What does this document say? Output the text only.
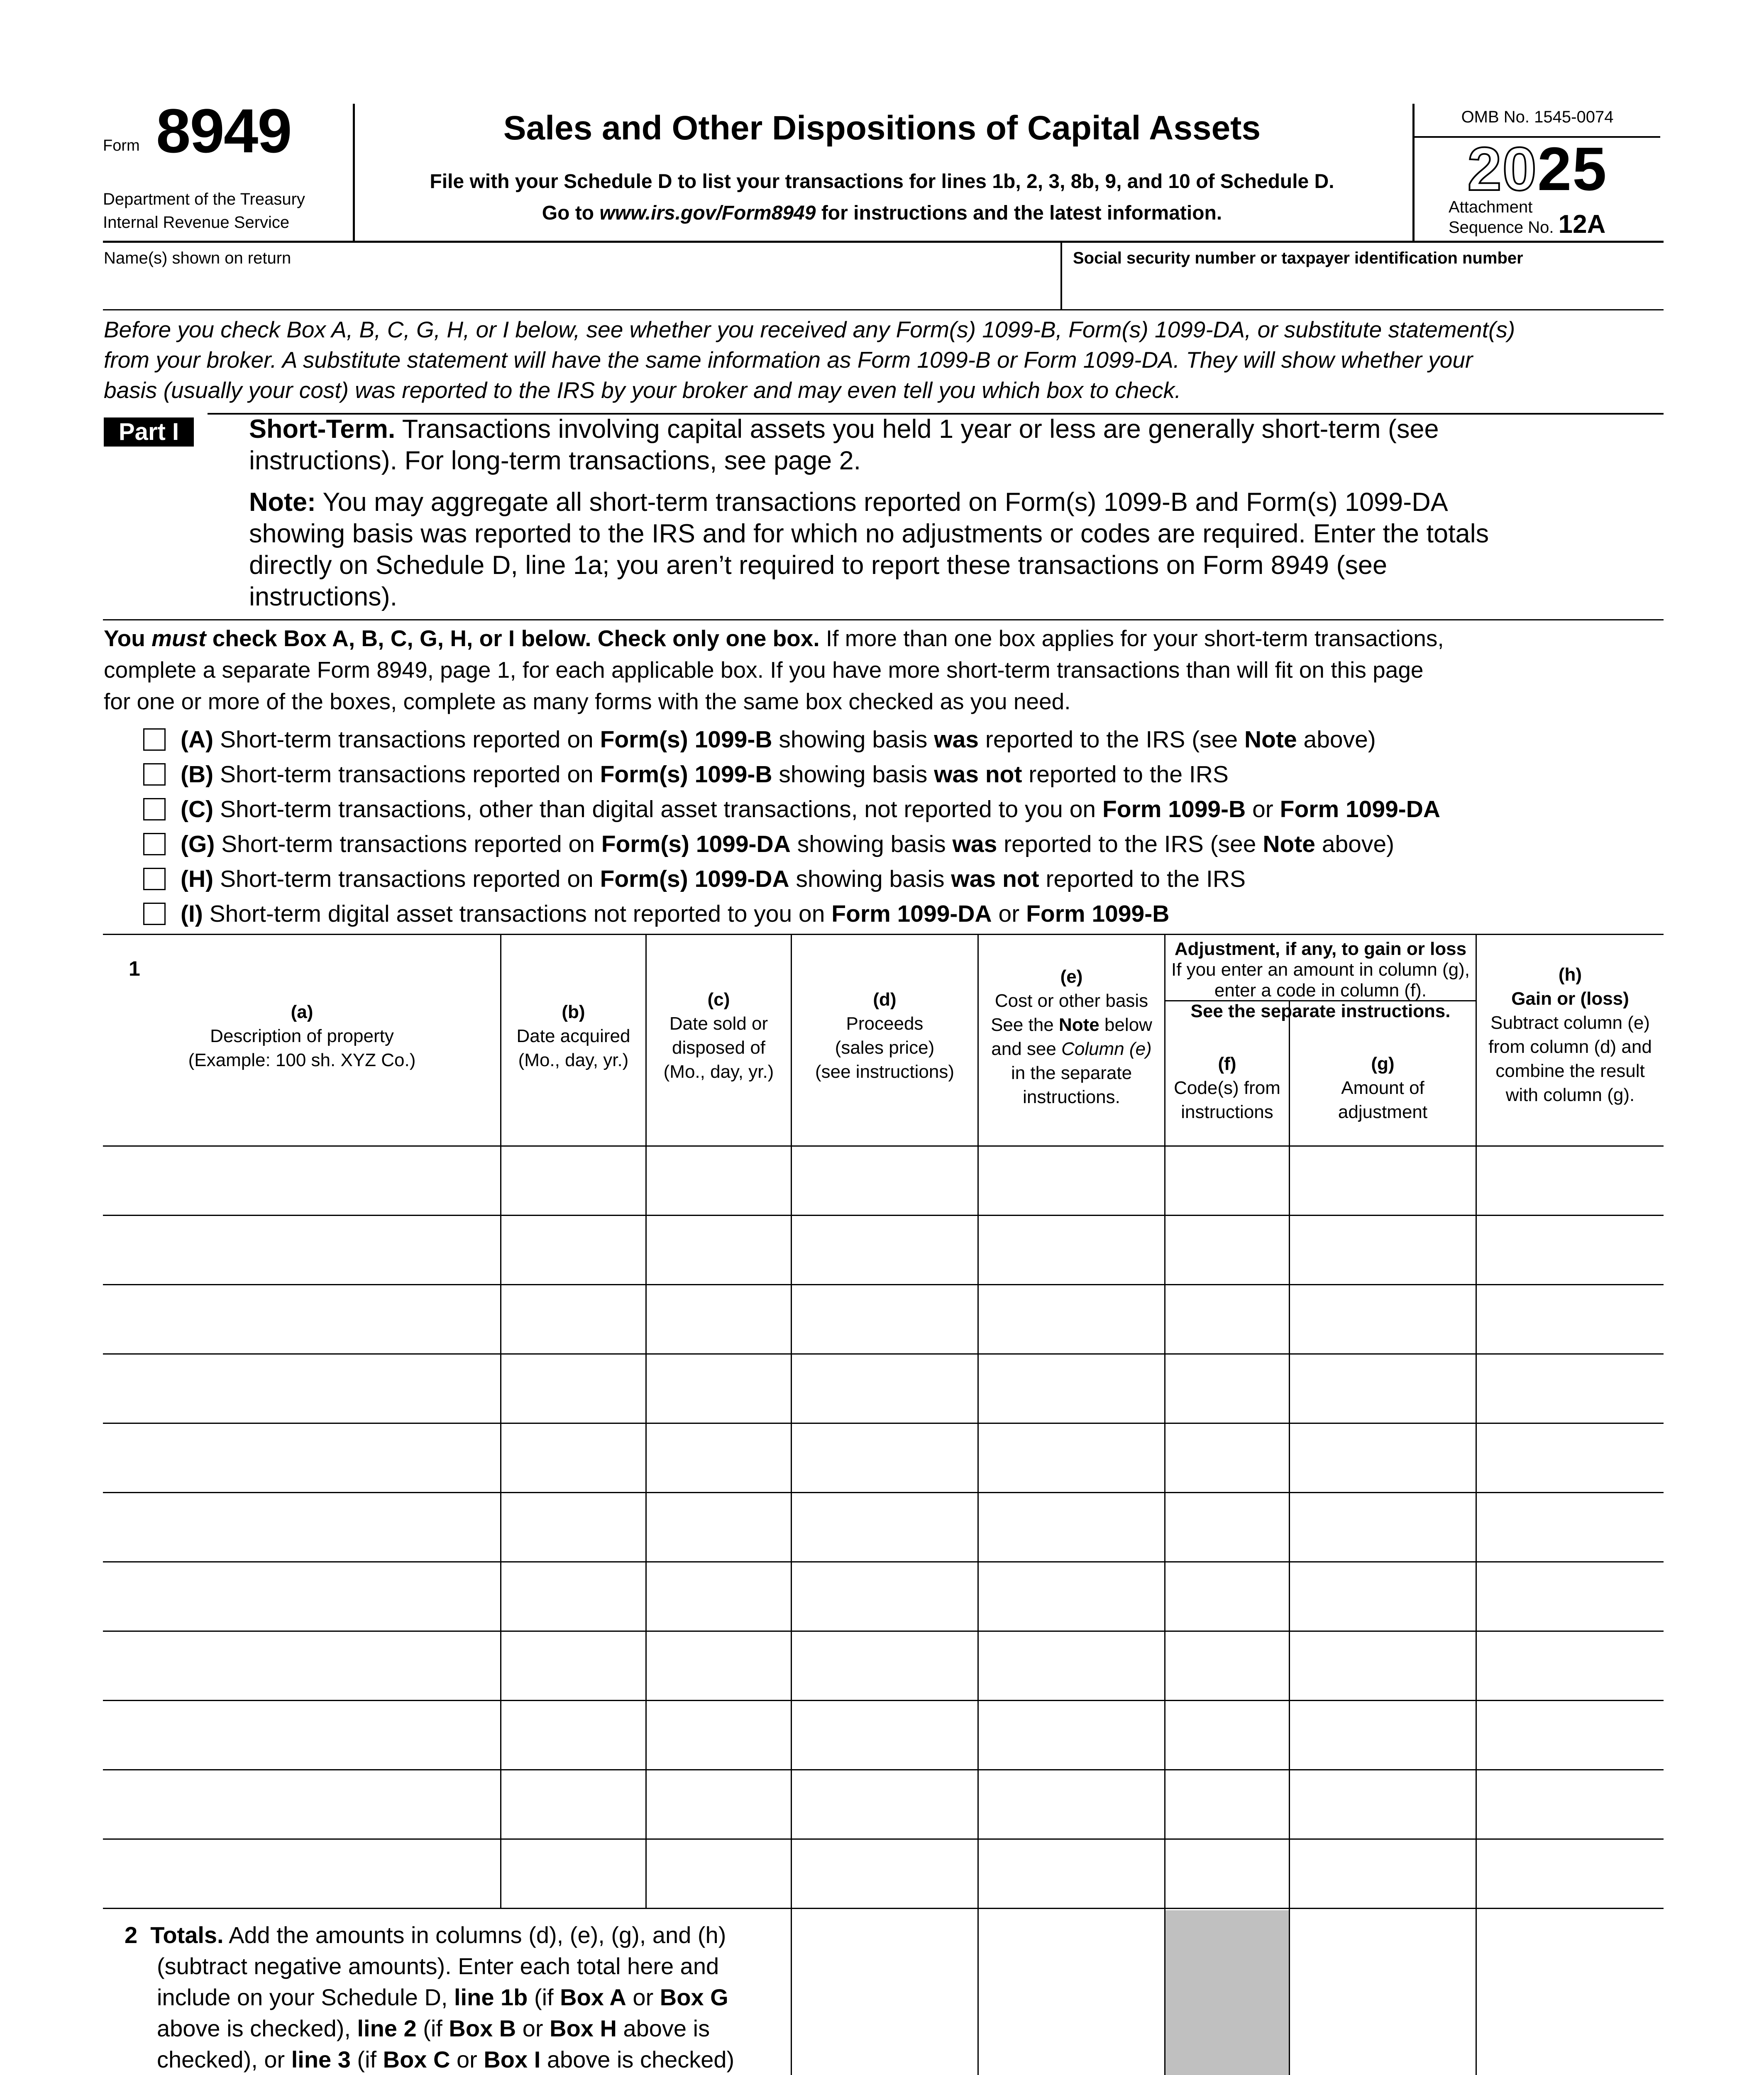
Form 8949
Department of the Treasury
Internal Revenue Service
Sales and Other Dispositions of Capital Assets
File with your Schedule D to list your transactions for lines 1b, 2, 3, 8b, 9, and 10 of Schedule D.
Go to www.irs.gov/Form8949 for instructions and the latest information.
OMB No. 1545-0074
2025
Attachment
Sequence No. 12A
Name(s) shown on return	Social security number or taxpayer identification number
Before you check Box A, B, C, G, H, or I below, see whether you received any Form(s) 1099-B, Form(s) 1099-DA, or substitute statement(s)
from your broker. A substitute statement will have the same information as Form 1099-B or Form 1099-DA. They will show whether your
basis (usually your cost) was reported to the IRS by your broker and may even tell you which box to check.
Part I	Short-Term. Transactions involving capital assets you held 1 year or less are generally short-term (see
instructions). For long-term transactions, see page 2.
Note: You may aggregate all short-term transactions reported on Form(s) 1099-B and Form(s) 1099-DA
showing basis was reported to the IRS and for which no adjustments or codes are required. Enter the totals
directly on Schedule D, line 1a; you aren’t required to report these transactions on Form 8949 (see
instructions).
You must check Box A, B, C, G, H, or I below. Check only one box. If more than one box applies for your short-term transactions,
complete a separate Form 8949, page 1, for each applicable box. If you have more short-term transactions than will fit on this page
for one or more of the boxes, complete as many forms with the same box checked as you need.
(A) Short-term transactions reported on Form(s) 1099-B showing basis was reported to the IRS (see Note above)
(B) Short-term transactions reported on Form(s) 1099-B showing basis was not reported to the IRS
(C) Short-term transactions, other than digital asset transactions, not reported to you on Form 1099-B or Form 1099-DA
(G) Short-term transactions reported on Form(s) 1099-DA showing basis was reported to the IRS (see Note above)
(H) Short-term transactions reported on Form(s) 1099-DA showing basis was not reported to the IRS
(I) Short-term digital asset transactions not reported to you on Form 1099-DA or Form 1099-B
1
(a)
Description of property
(Example: 100 sh. XYZ Co.)
(b)
Date acquired
(Mo., day, yr.)
(c)
Date sold or
disposed of
(Mo., day, yr.)
(d)
Proceeds
(sales price)
(see instructions)
(e)
Cost or other basis
See the Note below
and see Column (e)
in the separate
instructions.
Adjustment, if any, to gain or loss
If you enter an amount in column (g),
enter a code in column (f).
See the separate instructions.
(f)
Code(s) from
instructions
(g)
Amount of
adjustment
(h)
Gain or (loss)
Subtract column (e)
from column (d) and
combine the result
with column (g).
2 Totals. Add the amounts in columns (d), (e), (g), and (h)
(subtract negative amounts). Enter each total here and
include on your Schedule D, line 1b (if Box A or Box G
above is checked), line 2 (if Box B or Box H above is
checked), or line 3 (if Box C or Box I above is checked)
